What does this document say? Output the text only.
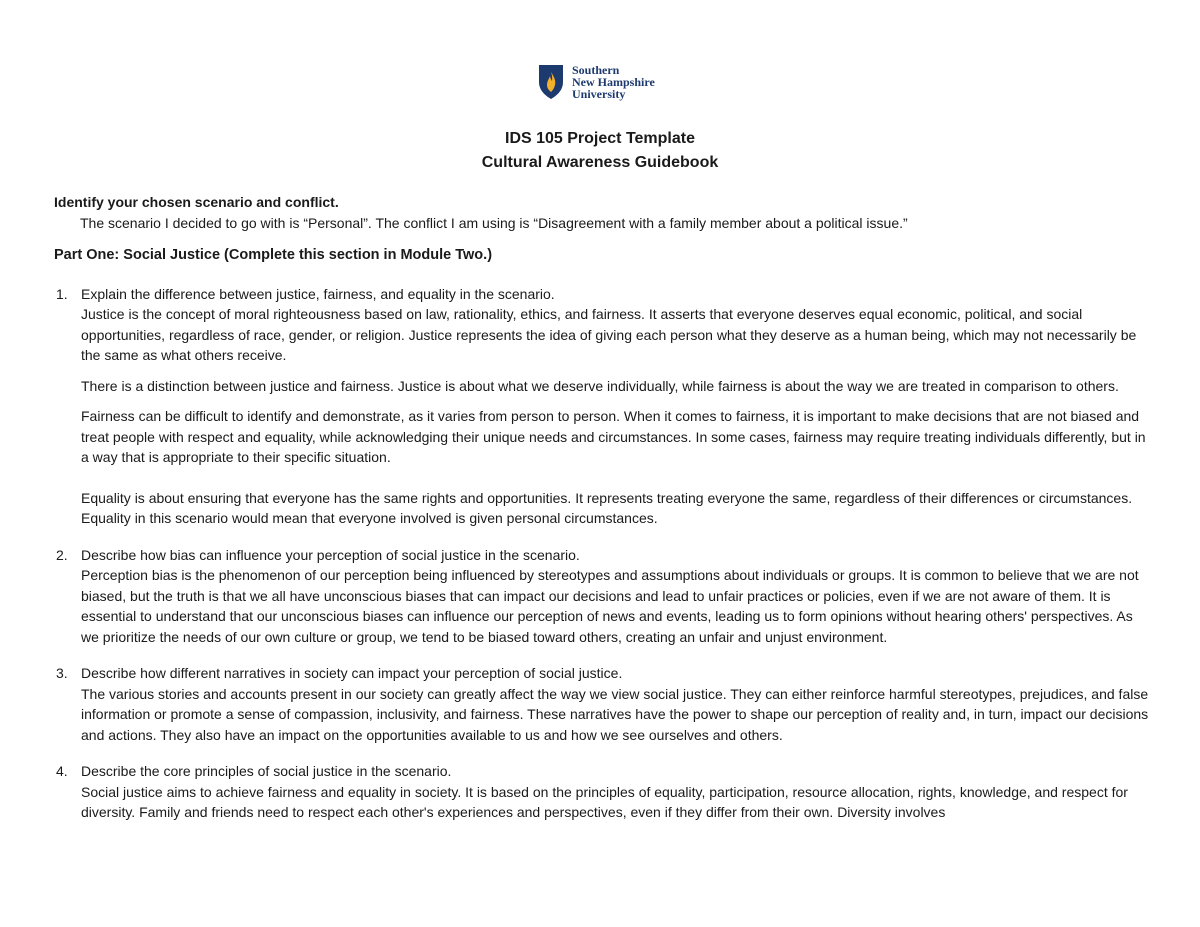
Southern
New Hampshire
University
IDS 105 Project Template
Cultural Awareness Guidebook

Identify your chosen scenario and conflict.

The scenario I decided to go with is “Personal”. The conflict I am using is “Disagreement with a family member about a political issue.”

Part One: Social Justice (Complete this section in Module Two.)

1. Explain the difference between justice, fairness, and equality in the scenario.

Justice is the concept of moral righteousness based on law, rationality, ethics, and fairness. It asserts that everyone deserves equal economic, political, and social opportunities, regardless of race, gender, or religion. Justice represents the idea of giving each person what they deserve as a human being, which may not necessarily be the same as what others receive.

There is a distinction between justice and fairness. Justice is about what we deserve individually, while fairness is about the way we are treated in comparison to others.

Fairness can be difficult to identify and demonstrate, as it varies from person to person. When it comes to fairness, it is important to make decisions that are not biased and treat people with respect and equality, while acknowledging their unique needs and circumstances. In some cases, fairness may require treating individuals differently, but in a way that is appropriate to their specific situation.

Equality is about ensuring that everyone has the same rights and opportunities. It represents treating everyone the same, regardless of their differences or circumstances. Equality in this scenario would mean that everyone involved is given personal circumstances.

2. Describe how bias can influence your perception of social justice in the scenario.

Perception bias is the phenomenon of our perception being influenced by stereotypes and assumptions about individuals or groups. It is common to believe that we are not biased, but the truth is that we all have unconscious biases that can impact our decisions and lead to unfair practices or policies, even if we are not aware of them. It is essential to understand that our unconscious biases can influence our perception of news and events, leading us to form opinions without hearing others' perspectives. As we prioritize the needs of our own culture or group, we tend to be biased toward others, creating an unfair and unjust environment.

3. Describe how different narratives in society can impact your perception of social justice.

The various stories and accounts present in our society can greatly affect the way we view social justice. They can either reinforce harmful stereotypes, prejudices, and false information or promote a sense of compassion, inclusivity, and fairness. These narratives have the power to shape our perception of reality and, in turn, impact our decisions and actions. They also have an impact on the opportunities available to us and how we see ourselves and others.

4. Describe the core principles of social justice in the scenario.

Social justice aims to achieve fairness and equality in society. It is based on the principles of equality, participation, resource allocation, rights, knowledge, and respect for diversity. Family and friends need to respect each other's experiences and perspectives, even if they differ from their own. Diversity involves
